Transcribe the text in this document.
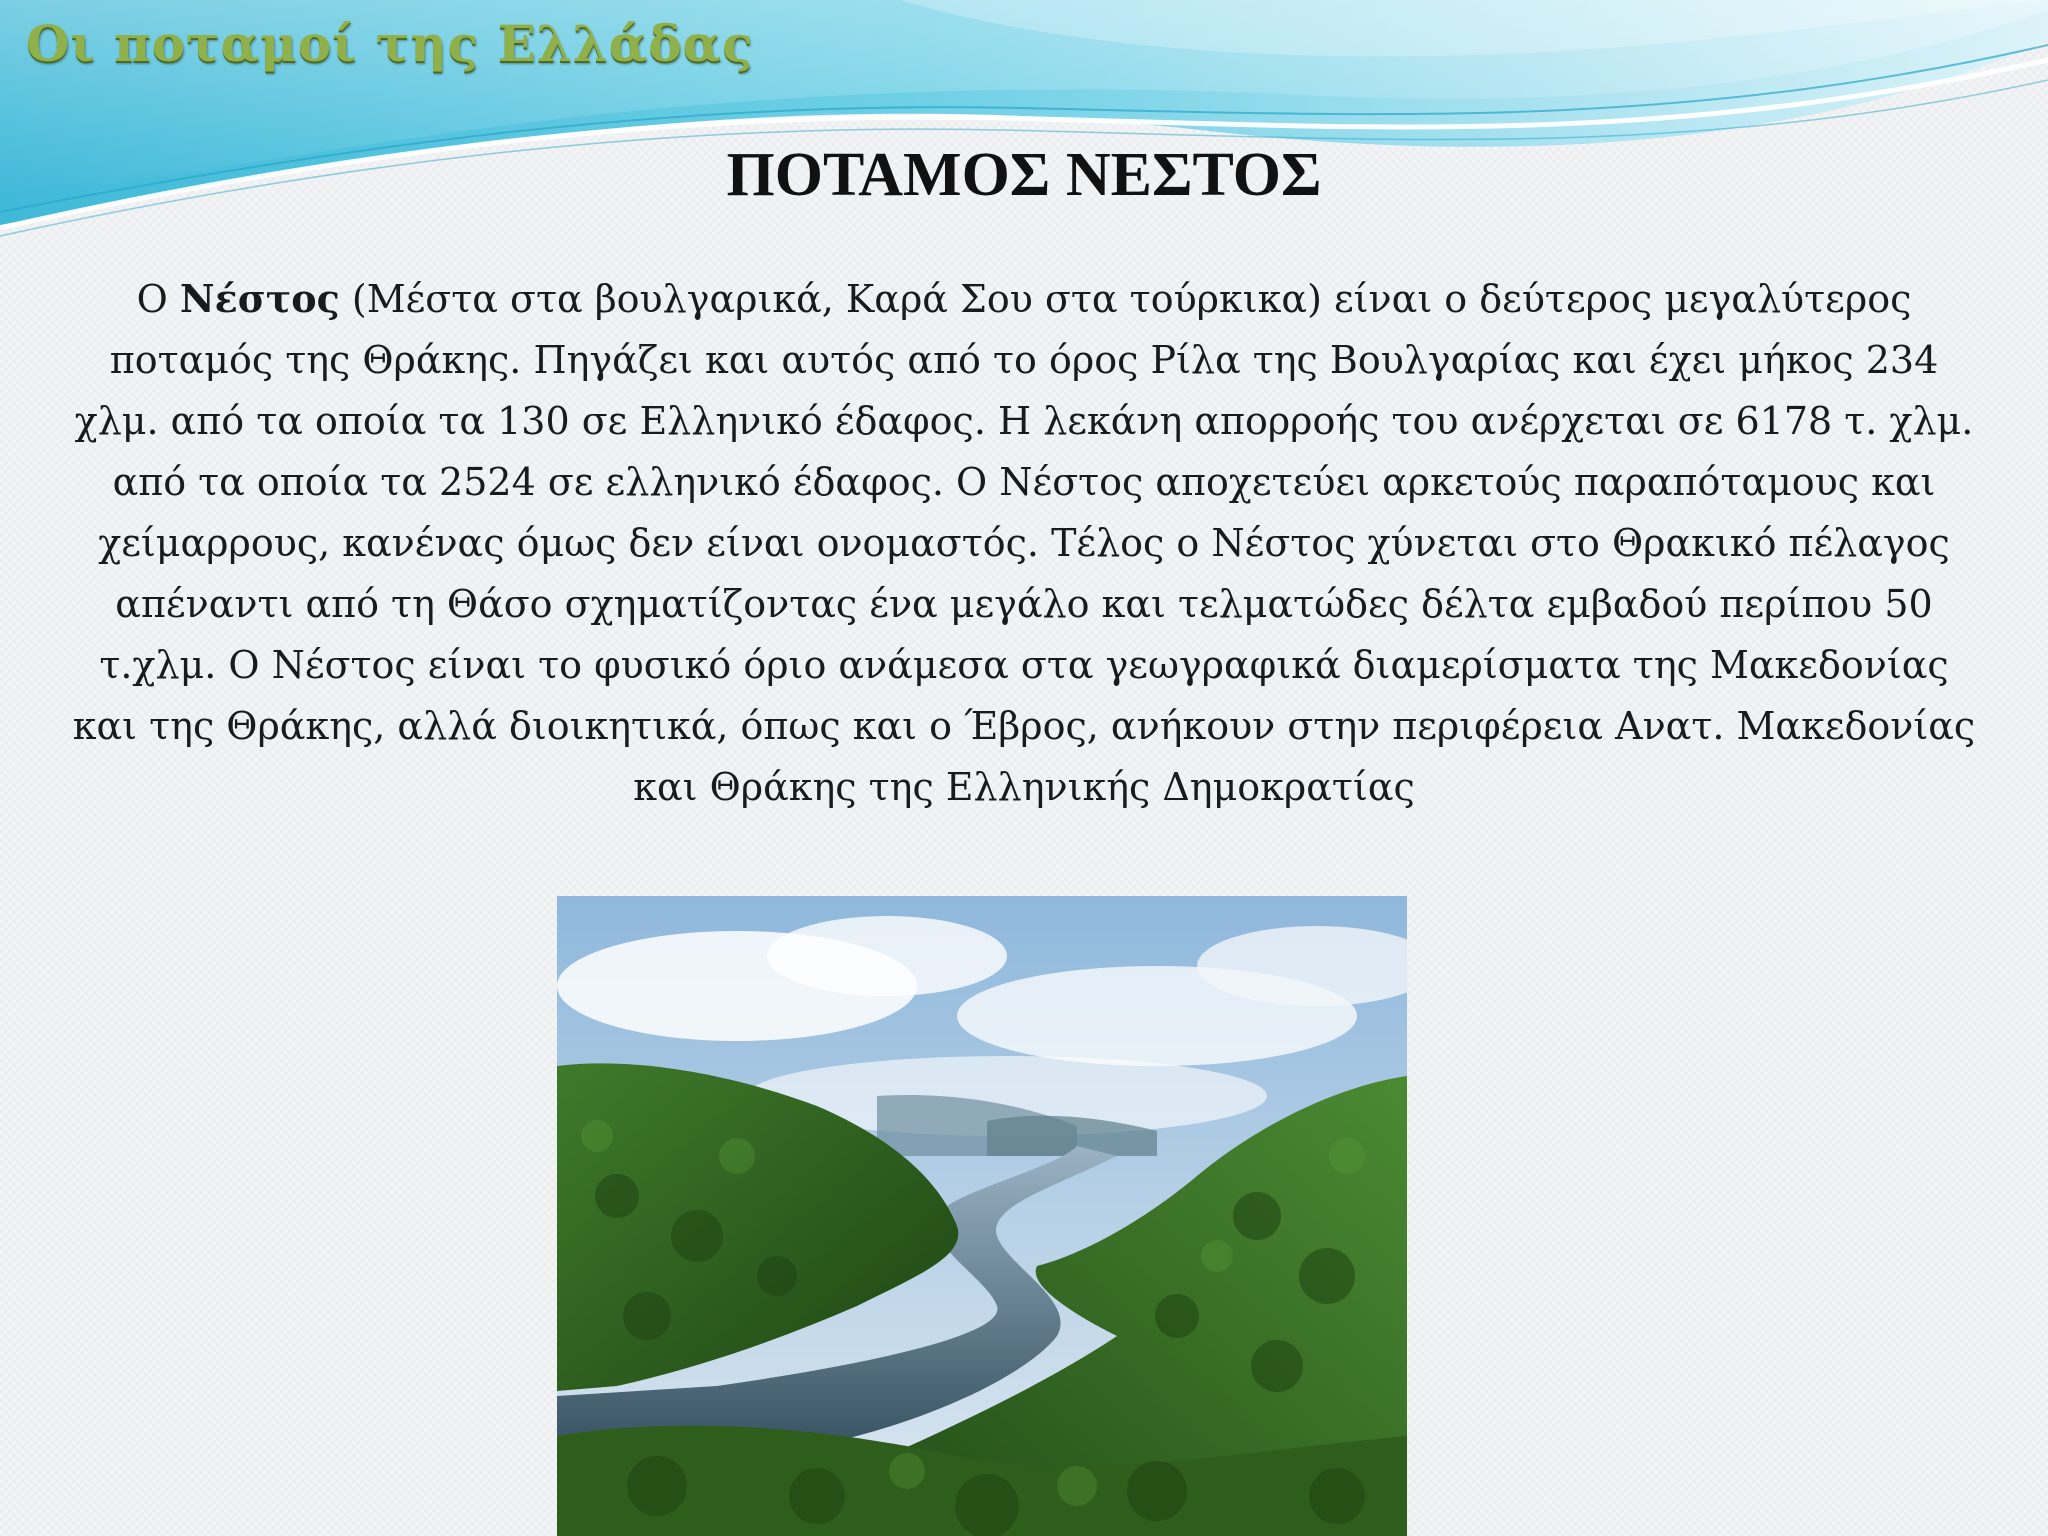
Οι ποταμοί της Ελλάδας
ΠΟΤΑΜΟΣ ΝΕΣΤΟΣ

Ο Νέστος (Μέστα στα βουλγαρικά, Καρά Σου στα τούρκικα) είναι ο δεύτερος μεγαλύτερος ποταμός της Θράκης. Πηγάζει και αυτός από το όρος Ρίλα της Βουλγαρίας και έχει μήκος 234 χλμ. από τα οποία τα 130 σε Ελληνικό έδαφος. Η λεκάνη απορροής του ανέρχεται σε 6178 τ. χλμ. από τα οποία τα 2524 σε ελληνικό έδαφος. Ο Νέστος αποχετεύει αρκετούς παραπόταμους και χείμαρρους, κανένας όμως δεν είναι ονομαστός. Τέλος ο Νέστος χύνεται στο Θρακικό πέλαγος απέναντι από τη Θάσο σχηματίζοντας ένα μεγάλο και τελματώδες δέλτα εμβαδού περίπου 50 τ.χλμ. Ο Νέστος είναι το φυσικό όριο ανάμεσα στα γεωγραφικά διαμερίσματα της Μακεδονίας και της Θράκης, αλλά διοικητικά, όπως και ο Έβρος, ανήκουν στην περιφέρεια Ανατ. Μακεδονίας και Θράκης της Ελληνικής Δημοκρατίας
